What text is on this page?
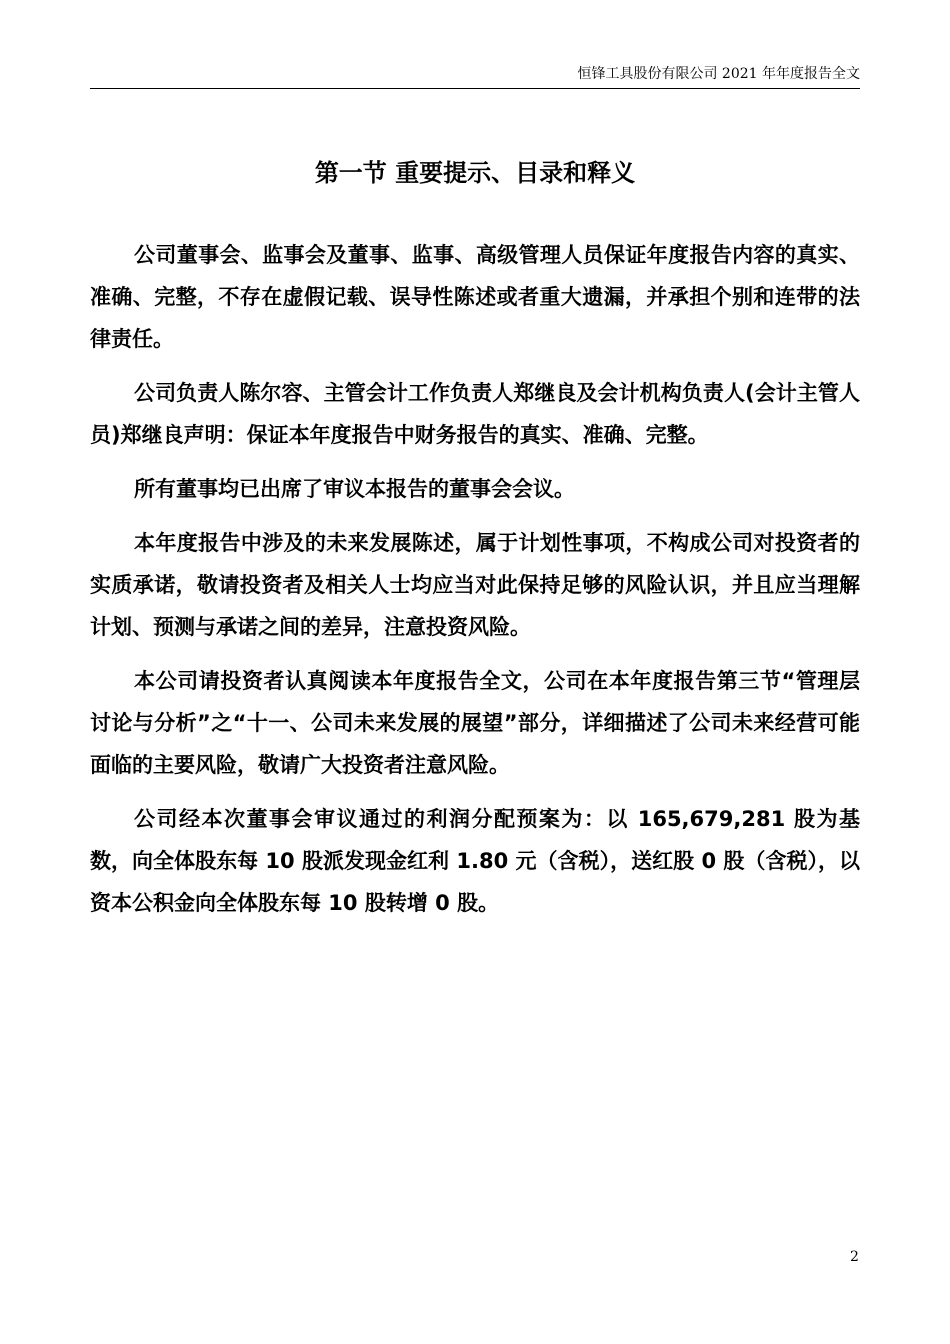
恒锋工具股份有限公司 2021 年年度报告全文
第一节 重要提示、目录和释义

公司董事会、监事会及董事、监事、高级管理人员保证年度报告内容的真实、准确、完整，不存在虚假记载、误导性陈述或者重大遗漏，并承担个别和连带的法律责任。

公司负责人陈尔容、主管会计工作负责人郑继良及会计机构负责人(会计主管人员)郑继良声明：保证本年度报告中财务报告的真实、准确、完整。

所有董事均已出席了审议本报告的董事会会议。

本年度报告中涉及的未来发展陈述，属于计划性事项，不构成公司对投资者的实质承诺，敬请投资者及相关人士均应当对此保持足够的风险认识，并且应当理解计划、预测与承诺之间的差异，注意投资风险。

本公司请投资者认真阅读本年度报告全文，公司在本年度报告第三节“管理层讨论与分析”之“十一、公司未来发展的展望”部分，详细描述了公司未来经营可能面临的主要风险，敬请广大投资者注意风险。

公司经本次董事会审议通过的利润分配预案为：以 165,679,281 股为基数，向全体股东每 10 股派发现金红利 1.80 元（含税），送红股 0 股（含税），以资本公积金向全体股东每 10 股转增 0 股。

2
